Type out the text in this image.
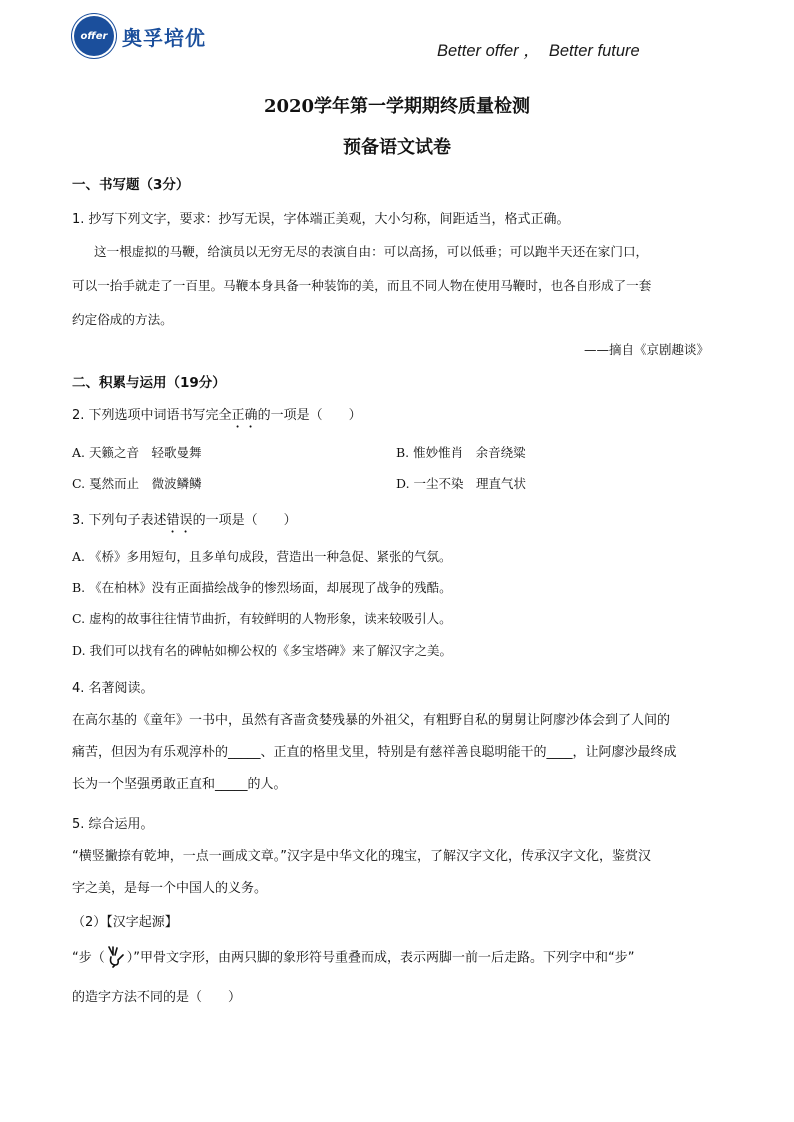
offer 奥孚培优
Better offer ，  Better future
2020学年第一学期期终质量检测
预备语文试卷
一、书写题（3分）
1. 抄写下列文字，要求：抄写无误，字体端正美观，大小匀称，间距适当，格式正确。
这一根虚拟的马鞭，给演员以无穷无尽的表演自由：可以高扬，可以低垂；可以跑半天还在家门口，
可以一抬手就走了一百里。马鞭本身具备一种装饰的美，而且不同人物在使用马鞭时，也各自形成了一套
约定俗成的方法。
——摘自《京剧趣谈》
二、积累与运用（19分）
2. 下列选项中词语书写完全正确的一项是（　　）
A. 天籁之音　轻歌曼舞	B. 惟妙惟肖　余音绕粱
C. 戛然而止　微波鳞鳞	D. 一尘不染　理直气状
3. 下列句子表述错误的一项是（　　）
A. 《桥》多用短句，且多单句成段，营造出一种急促、紧张的气氛。
B. 《在柏林》没有正面描绘战争的惨烈场面，却展现了战争的残酷。
C. 虚构的故事往往情节曲折，有较鲜明的人物形象，读来较吸引人。
D. 我们可以找有名的碑帖如柳公权的《多宝塔碑》来了解汉字之美。
4. 名著阅读。
在高尔基的《童年》一书中，虽然有吝啬贪婪残暴的外祖父，有粗野自私的舅舅让阿廖沙体会到了人间的
痛苦，但因为有乐观淳朴的_____、正直的格里戈里，特别是有慈祥善良聪明能干的____，让阿廖沙最终成
长为一个坚强勇敢正直和_____的人。
5. 综合运用。
“横竖撇捺有乾坤，一点一画成文章。”汉字是中华文化的瑰宝，了解汉字文化，传承汉字文化，鉴赏汉
字之美，是每一个中国人的义务。
（2）【汉字起源】
“步（ ）”甲骨文字形，由两只脚的象形符号重叠而成，表示两脚一前一后走路。下列字中和“步”
的造字方法不同的是（　　）
